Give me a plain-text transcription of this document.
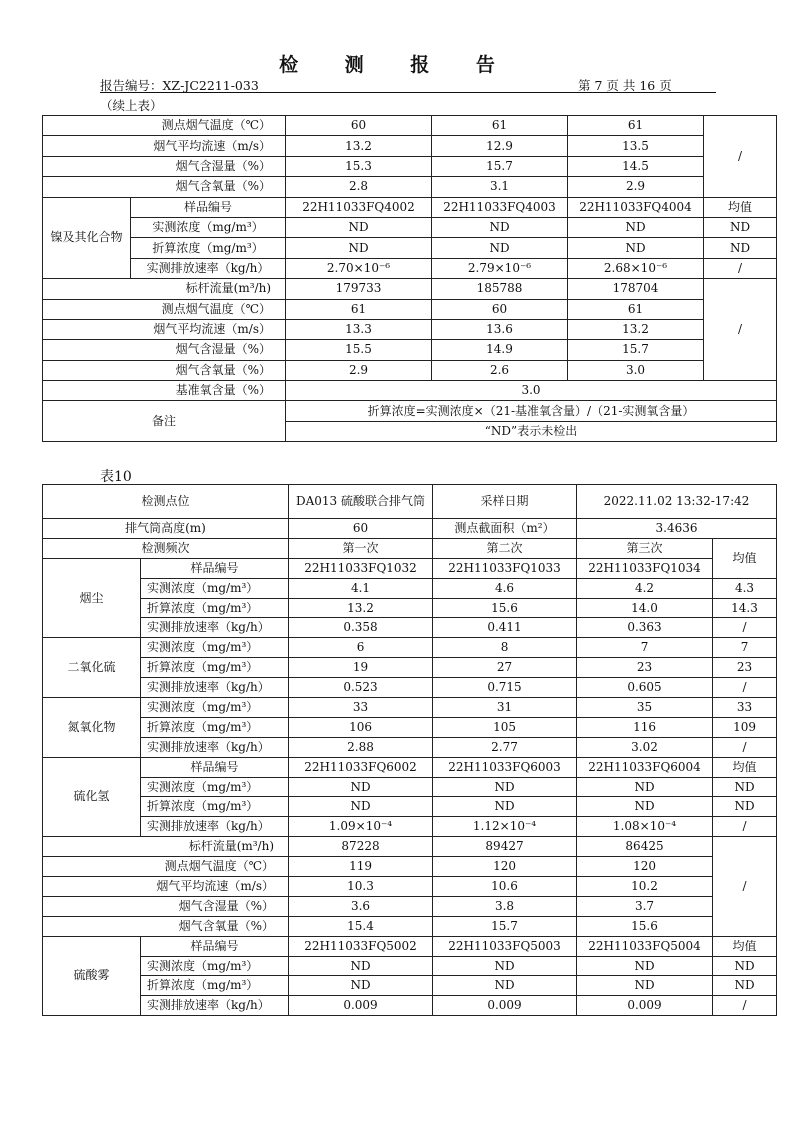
检 测 报 告
报告编号：XZ-JC2211-033	第 7 页 共 16 页
（续上表）
测点烟气温度（℃）		60	61	61	/
烟气平均流速（m/s）		13.2	12.9	13.5	
烟气含湿量（%）		15.3	15.7	14.5	
烟气含氧量（%）		2.8	3.1	2.9	
镍及其化合物	样品编号	22H11033FQ4002	22H11033FQ4003	22H11033FQ4004	均值
	实测浓度（mg/m³）	ND	ND	ND	ND
	折算浓度（mg/m³）	ND	ND	ND	ND
	实测排放速率（kg/h）	2.70×10⁻⁶	2.79×10⁻⁶	2.68×10⁻⁶	/
标杆流量(m³/h)		179733	185788	178704	/
测点烟气温度（℃）		61	60	61	
烟气平均流速（m/s）		13.3	13.6	13.2	
烟气含湿量（%）		15.5	14.9	15.7	
烟气含氧量（%）		2.9	2.6	3.0	
基准氧含量（%）		3.0			
备注		折算浓度=实测浓度×（21-基准氧含量）/（21-实测氧含量）			
		“ND”表示未检出			
表10
检测点位		DA013 硫酸联合排气筒	采样日期	2022.11.02 13:32-17:42	
排气筒高度(m)		60	测点截面积（m²）	3.4636	
检测频次		第一次	第二次	第三次	均值
烟尘	样品编号	22H11033FQ1032	22H11033FQ1033	22H11033FQ1034	
	实测浓度（mg/m³）	4.1	4.6	4.2	4.3
	折算浓度（mg/m³）	13.2	15.6	14.0	14.3
	实测排放速率（kg/h）	0.358	0.411	0.363	/
二氧化硫	实测浓度（mg/m³）	6	8	7	7
	折算浓度（mg/m³）	19	27	23	23
	实测排放速率（kg/h）	0.523	0.715	0.605	/
氮氧化物	实测浓度（mg/m³）	33	31	35	33
	折算浓度（mg/m³）	106	105	116	109
	实测排放速率（kg/h）	2.88	2.77	3.02	/
硫化氢	样品编号	22H11033FQ6002	22H11033FQ6003	22H11033FQ6004	均值
	实测浓度（mg/m³）	ND	ND	ND	ND
	折算浓度（mg/m³）	ND	ND	ND	ND
	实测排放速率（kg/h）	1.09×10⁻⁴	1.12×10⁻⁴	1.08×10⁻⁴	/
标杆流量(m³/h)		87228	89427	86425	/
测点烟气温度（℃）		119	120	120	
烟气平均流速（m/s）		10.3	10.6	10.2	
烟气含湿量（%）		3.6	3.8	3.7	
烟气含氧量（%）		15.4	15.7	15.6	
硫酸雾	样品编号	22H11033FQ5002	22H11033FQ5003	22H11033FQ5004	均值
	实测浓度（mg/m³）	ND	ND	ND	ND
	折算浓度（mg/m³）	ND	ND	ND	ND
	实测排放速率（kg/h）	0.009	0.009	0.009	/
